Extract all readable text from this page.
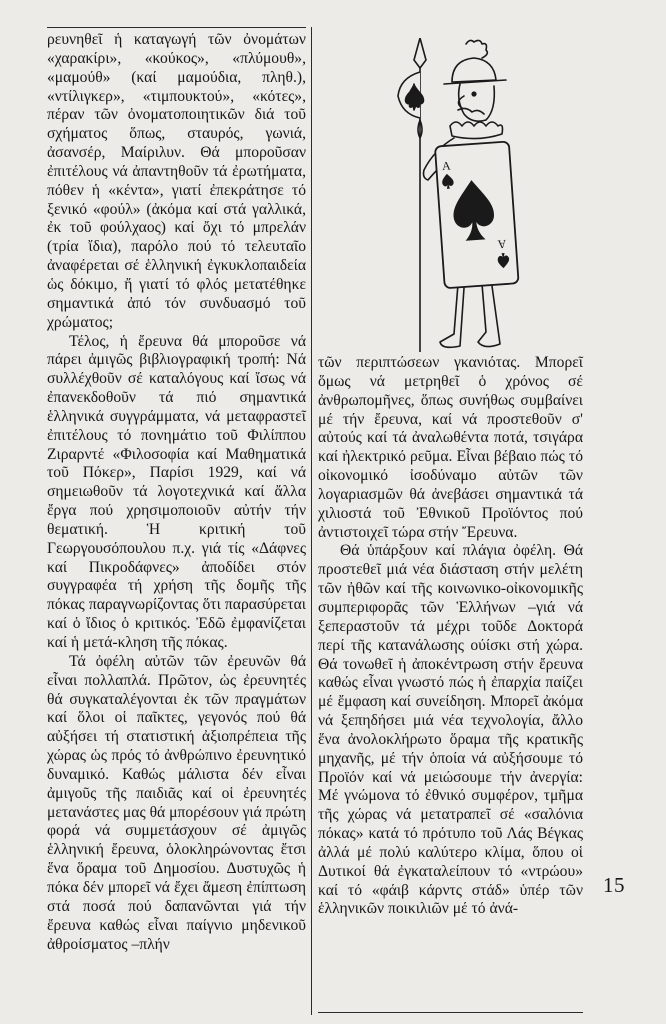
ρευνηθεῖ ἡ καταγωγή τῶν ὀνομάτων «χαρακίρι», «κούκος», «πλύμουθ», «μαμούθ» (καί μαμούδια, πληθ.), «ντίλιγκερ», «τιμπουκτού», «κότες», πέραν τῶν ὀνοματοποιητικῶν διά τοῦ σχήματος ὅπως, σταυρός, γωνιά, ἀσανσέρ, Μαίριλυν. Θά μποροῦσαν ἐπιτέλους νά ἀπαντηθοῦν τά ἐρωτήματα, πόθεν ἡ «κέντα», γιατί ἐπεκράτησε τό ξενικό «φούλ» (ἀκόμα καί στά γαλλικά, ἐκ τοῦ φούλχαος) καί ὄχι τό μπρελάν (τρία ἴδια), παρόλο πού τό τελευταῖο ἀναφέρεται σέ ἑλληνική ἐγκυκλοπαιδεία ὡς δόκιμο, ἤ γιατί τό φλός μετατέθηκε σημαντικά ἀπό τόν συνδυασμό τοῦ χρώματος;

Τέλος, ἡ ἔρευνα θά μποροῦσε νά πάρει ἀμιγῶς βιβλιογραφική τροπή: Νά συλλέχθοῦν σέ καταλόγους καί ἴσως νά ἐπανεκδοθοῦν τά πιό σημαντικά ἑλληνικά συγγράμματα, νά μεταφραστεῖ ἐπιτέλους τό πονημάτιο τοῦ Φιλίππου Ζιραρντέ «Φιλοσοφία καί Μαθηματικά τοῦ Πόκερ», Παρίσι 1929, καί νά σημειωθοῦν τά λογοτεχνικά καί ἄλλα ἔργα πού χρησιμοποιοῦν αὐτήν τήν θεματική. Ἡ κριτική τοῦ Γεωργουσόπουλου π.χ. γιά τίς «Δάφνες καί Πικροδάφνες» ἀποδίδει στόν συγγραφέα τή χρήση τῆς δομῆς τῆς πόκας παραγνωρίζοντας ὅτι παρασύρεται καί ὁ ἴδιος ὁ κριτικός. Ἐδῶ ἐμφανίζεται καί ἡ μετά-κληση τῆς πόκας.

Τά ὀφέλη αὐτῶν τῶν ἐρευνῶν θά εἶναι πολλαπλά. Πρῶτον, ὡς ἐρευνητές θά συγκαταλέγονται ἐκ τῶν πραγμάτων καί ὅλοι οἱ παῖκτες, γεγονός πού θά αὐξήσει τή στατιστική ἀξιοπρέπεια τῆς χώρας ὡς πρός τό ἀνθρώπινο ἐρευνητικό δυναμικό. Καθώς μάλιστα δέν εἶναι ἀμιγοῦς τῆς παιδιᾶς καί οἱ ἐρευνητές μετανάστες μας θά μπορέσουν γιά πρώτη φορά νά συμμετάσχουν σέ ἀμιγῶς ἑλληνική ἔρευνα, ὁλοκληρώνοντας ἔτσι ἕνα ὅραμα τοῦ Δημοσίου. Δυστυχῶς ἡ πόκα δέν μπορεῖ νά ἔχει ἄμεση ἐπίπτωση στά ποσά πού δαπανῶνται γιά τήν ἔρευνα καθώς εἶναι παίγνιο μηδενικοῦ ἀθροίσματος –πλήν

A
A

τῶν περιπτώσεων γκανιότας. Μπορεῖ ὅμως νά μετρηθεῖ ὁ χρόνος σέ ἀνθρωπομῆνες, ὅπως συνήθως συμβαίνει μέ τήν ἔρευνα, καί νά προστεθοῦν σ' αὐτούς καί τά ἀναλωθέντα ποτά, τσιγάρα καί ἠλεκτρικό ρεῦμα. Εἶναι βέβαιο πώς τό οἰκονομικό ἰσοδύναμο αὐτῶν τῶν λογαριασμῶν θά ἀνεβάσει σημαντικά τά χιλιοστά τοῦ Ἐθνικοῦ Προϊόντος πού ἀντιστοιχεῖ τώρα στήν Ἔρευνα.

Θά ὑπάρξουν καί πλάγια ὀφέλη. Θά προστεθεῖ μιά νέα διάσταση στήν μελέτη τῶν ἠθῶν καί τῆς κοινωνικο-οἰκονομικῆς συμπεριφορᾶς τῶν Ἑλλήνων –γιά νά ξεπεραστοῦν τά μέχρι τοῦδε Δοκτορά περί τῆς κατανάλωσης ούίσκι στή χώρα. Θά τονωθεῖ ἡ ἀποκέντρωση στήν ἔρευνα καθώς εἶναι γνωστό πώς ἡ ἐπαρχία παίζει μέ ἔμφαση καί συνείδηση. Μπορεῖ ἀκόμα νά ξεπηδήσει μιά νέα τεχνολογία, ἄλλο ἕνα ἀνολοκλήρωτο ὅραμα τῆς κρατικῆς μηχανῆς, μέ τήν ὁποία νά αὐξήσουμε τό Προϊόν καί νά μειώσουμε τήν ἀνεργία: Μέ γνώμονα τό ἐθνικό συμφέρον, τμῆμα τῆς χώρας νά μετατραπεῖ σέ «σαλόνια πόκας» κατά τό πρότυπο τοῦ Λάς Βέγκας ἀλλά μέ πολύ καλύτερο κλίμα, ὅπου οἱ Δυτικοί θά ἐγκαταλείπουν τό «ντρώου» καί τό «φάιβ κάρντς στάδ» ὑπέρ τῶν ἑλληνικῶν ποικιλιῶν μέ τό ἀνά-

15
